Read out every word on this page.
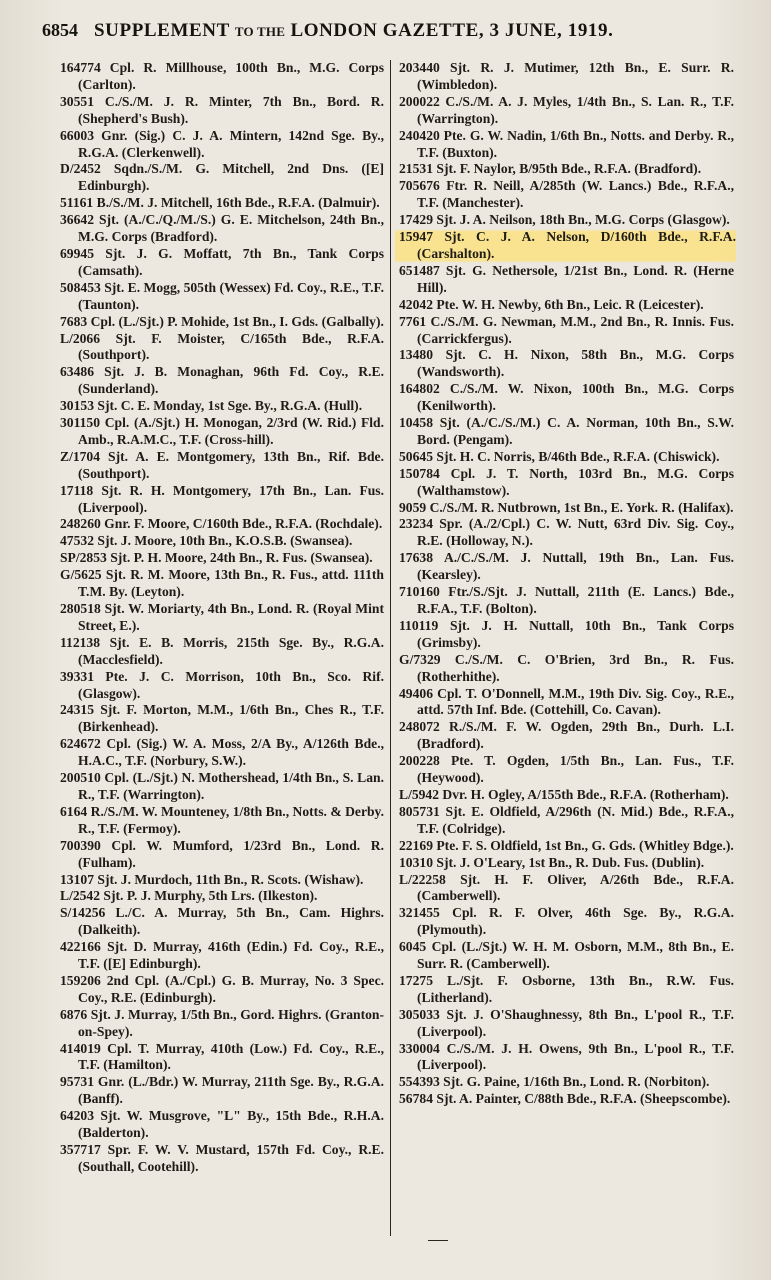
6854 SUPPLEMENT TO THE LONDON GAZETTE, 3 JUNE, 1919.

164774 Cpl. R. Millhouse, 100th Bn., M.G. Corps (Carlton).

30551 C./S./M. J. R. Minter, 7th Bn., Bord. R. (Shepherd's Bush).

66003 Gnr. (Sig.) C. J. A. Mintern, 142nd Sge. By., R.G.A. (Clerkenwell).

D/2452 Sqdn./S./M. G. Mitchell, 2nd Dns. ([E] Edinburgh).

51161 B./S./M. J. Mitchell, 16th Bde., R.F.A. (Dalmuir).

36642 Sjt. (A./C./Q./M./S.) G. E. Mitchelson, 24th Bn., M.G. Corps (Bradford).

69945 Sjt. J. G. Moffatt, 7th Bn., Tank Corps (Camsath).

508453 Sjt. E. Mogg, 505th (Wessex) Fd. Coy., R.E., T.F. (Taunton).

7683 Cpl. (L./Sjt.) P. Mohide, 1st Bn., I. Gds. (Galbally).

L/2066 Sjt. F. Moister, C/165th Bde., R.F.A. (Southport).

63486 Sjt. J. B. Monaghan, 96th Fd. Coy., R.E. (Sunderland).

30153 Sjt. C. E. Monday, 1st Sge. By., R.G.A. (Hull).

301150 Cpl. (A./Sjt.) H. Monogan, 2/3rd (W. Rid.) Fld. Amb., R.A.M.C., T.F. (Cross-hill).

Z/1704 Sjt. A. E. Montgomery, 13th Bn., Rif. Bde. (Southport).

17118 Sjt. R. H. Montgomery, 17th Bn., Lan. Fus. (Liverpool).

248260 Gnr. F. Moore, C/160th Bde., R.F.A. (Rochdale).

47532 Sjt. J. Moore, 10th Bn., K.O.S.B. (Swansea).

SP/2853 Sjt. P. H. Moore, 24th Bn., R. Fus. (Swansea).

G/5625 Sjt. R. M. Moore, 13th Bn., R. Fus., attd. 111th T.M. By. (Leyton).

280518 Sjt. W. Moriarty, 4th Bn., Lond. R. (Royal Mint Street, E.).

112138 Sjt. E. B. Morris, 215th Sge. By., R.G.A. (Macclesfield).

39331 Pte. J. C. Morrison, 10th Bn., Sco. Rif. (Glasgow).

24315 Sjt. F. Morton, M.M., 1/6th Bn., Ches R., T.F. (Birkenhead).

624672 Cpl. (Sig.) W. A. Moss, 2/A By., A/126th Bde., H.A.C., T.F. (Norbury, S.W.).

200510 Cpl. (L./Sjt.) N. Mothershead, 1/4th Bn., S. Lan. R., T.F. (Warrington).

6164 R./S./M. W. Mounteney, 1/8th Bn., Notts. & Derby. R., T.F. (Fermoy).

700390 Cpl. W. Mumford, 1/23rd Bn., Lond. R. (Fulham).

13107 Sjt. J. Murdoch, 11th Bn., R. Scots. (Wishaw).

L/2542 Sjt. P. J. Murphy, 5th Lrs. (Ilkeston).

S/14256 L./C. A. Murray, 5th Bn., Cam. Highrs. (Dalkeith).

422166 Sjt. D. Murray, 416th (Edin.) Fd. Coy., R.E., T.F. ([E] Edinburgh).

159206 2nd Cpl. (A./Cpl.) G. B. Murray, No. 3 Spec. Coy., R.E. (Edinburgh).

6876 Sjt. J. Murray, 1/5th Bn., Gord. Highrs. (Granton-on-Spey).

414019 Cpl. T. Murray, 410th (Low.) Fd. Coy., R.E., T.F. (Hamilton).

95731 Gnr. (L./Bdr.) W. Murray, 211th Sge. By., R.G.A. (Banff).

64203 Sjt. W. Musgrove, "L" By., 15th Bde., R.H.A. (Balderton).

357717 Spr. F. W. V. Mustard, 157th Fd. Coy., R.E. (Southall, Cootehill).

203440 Sjt. R. J. Mutimer, 12th Bn., E. Surr. R. (Wimbledon).

200022 C./S./M. A. J. Myles, 1/4th Bn., S. Lan. R., T.F. (Warrington).

240420 Pte. G. W. Nadin, 1/6th Bn., Notts. and Derby. R., T.F. (Buxton).

21531 Sjt. F. Naylor, B/95th Bde., R.F.A. (Bradford).

705676 Ftr. R. Neill, A/285th (W. Lancs.) Bde., R.F.A., T.F. (Manchester).

17429 Sjt. J. A. Neilson, 18th Bn., M.G. Corps (Glasgow).

15947 Sjt. C. J. A. Nelson, D/160th Bde., R.F.A. (Carshalton).

651487 Sjt. G. Nethersole, 1/21st Bn., Lond. R. (Herne Hill).

42042 Pte. W. H. Newby, 6th Bn., Leic. R (Leicester).

7761 C./S./M. G. Newman, M.M., 2nd Bn., R. Innis. Fus. (Carrickfergus).

13480 Sjt. C. H. Nixon, 58th Bn., M.G. Corps (Wandsworth).

164802 C./S./M. W. Nixon, 100th Bn., M.G. Corps (Kenilworth).

10458 Sjt. (A./C./S./M.) C. A. Norman, 10th Bn., S.W. Bord. (Pengam).

50645 Sjt. H. C. Norris, B/46th Bde., R.F.A. (Chiswick).

150784 Cpl. J. T. North, 103rd Bn., M.G. Corps (Walthamstow).

9059 C./S./M. R. Nutbrown, 1st Bn., E. York. R. (Halifax).

23234 Spr. (A./2/Cpl.) C. W. Nutt, 63rd Div. Sig. Coy., R.E. (Holloway, N.).

17638 A./C./S./M. J. Nuttall, 19th Bn., Lan. Fus. (Kearsley).

710160 Ftr./S./Sjt. J. Nuttall, 211th (E. Lancs.) Bde., R.F.A., T.F. (Bolton).

110119 Sjt. J. H. Nuttall, 10th Bn., Tank Corps (Grimsby).

G/7329 C./S./M. C. O'Brien, 3rd Bn., R. Fus. (Rotherhithe).

49406 Cpl. T. O'Donnell, M.M., 19th Div. Sig. Coy., R.E., attd. 57th Inf. Bde. (Cottehill, Co. Cavan).

248072 R./S./M. F. W. Ogden, 29th Bn., Durh. L.I. (Bradford).

200228 Pte. T. Ogden, 1/5th Bn., Lan. Fus., T.F. (Heywood).

L/5942 Dvr. H. Ogley, A/155th Bde., R.F.A. (Rotherham).

805731 Sjt. E. Oldfield, A/296th (N. Mid.) Bde., R.F.A., T.F. (Colridge).

22169 Pte. F. S. Oldfield, 1st Bn., G. Gds. (Whitley Bdge.).

10310 Sjt. J. O'Leary, 1st Bn., R. Dub. Fus. (Dublin).

L/22258 Sjt. H. F. Oliver, A/26th Bde., R.F.A. (Camberwell).

321455 Cpl. R. F. Olver, 46th Sge. By., R.G.A. (Plymouth).

6045 Cpl. (L./Sjt.) W. H. M. Osborn, M.M., 8th Bn., E. Surr. R. (Camberwell).

17275 L./Sjt. F. Osborne, 13th Bn., R.W. Fus. (Litherland).

305033 Sjt. J. O'Shaughnessy, 8th Bn., L'pool R., T.F. (Liverpool).

330004 C./S./M. J. H. Owens, 9th Bn., L'pool R., T.F. (Liverpool).

554393 Sjt. G. Paine, 1/16th Bn., Lond. R. (Norbiton).

56784 Sjt. A. Painter, C/88th Bde., R.F.A. (Sheepscombe).
